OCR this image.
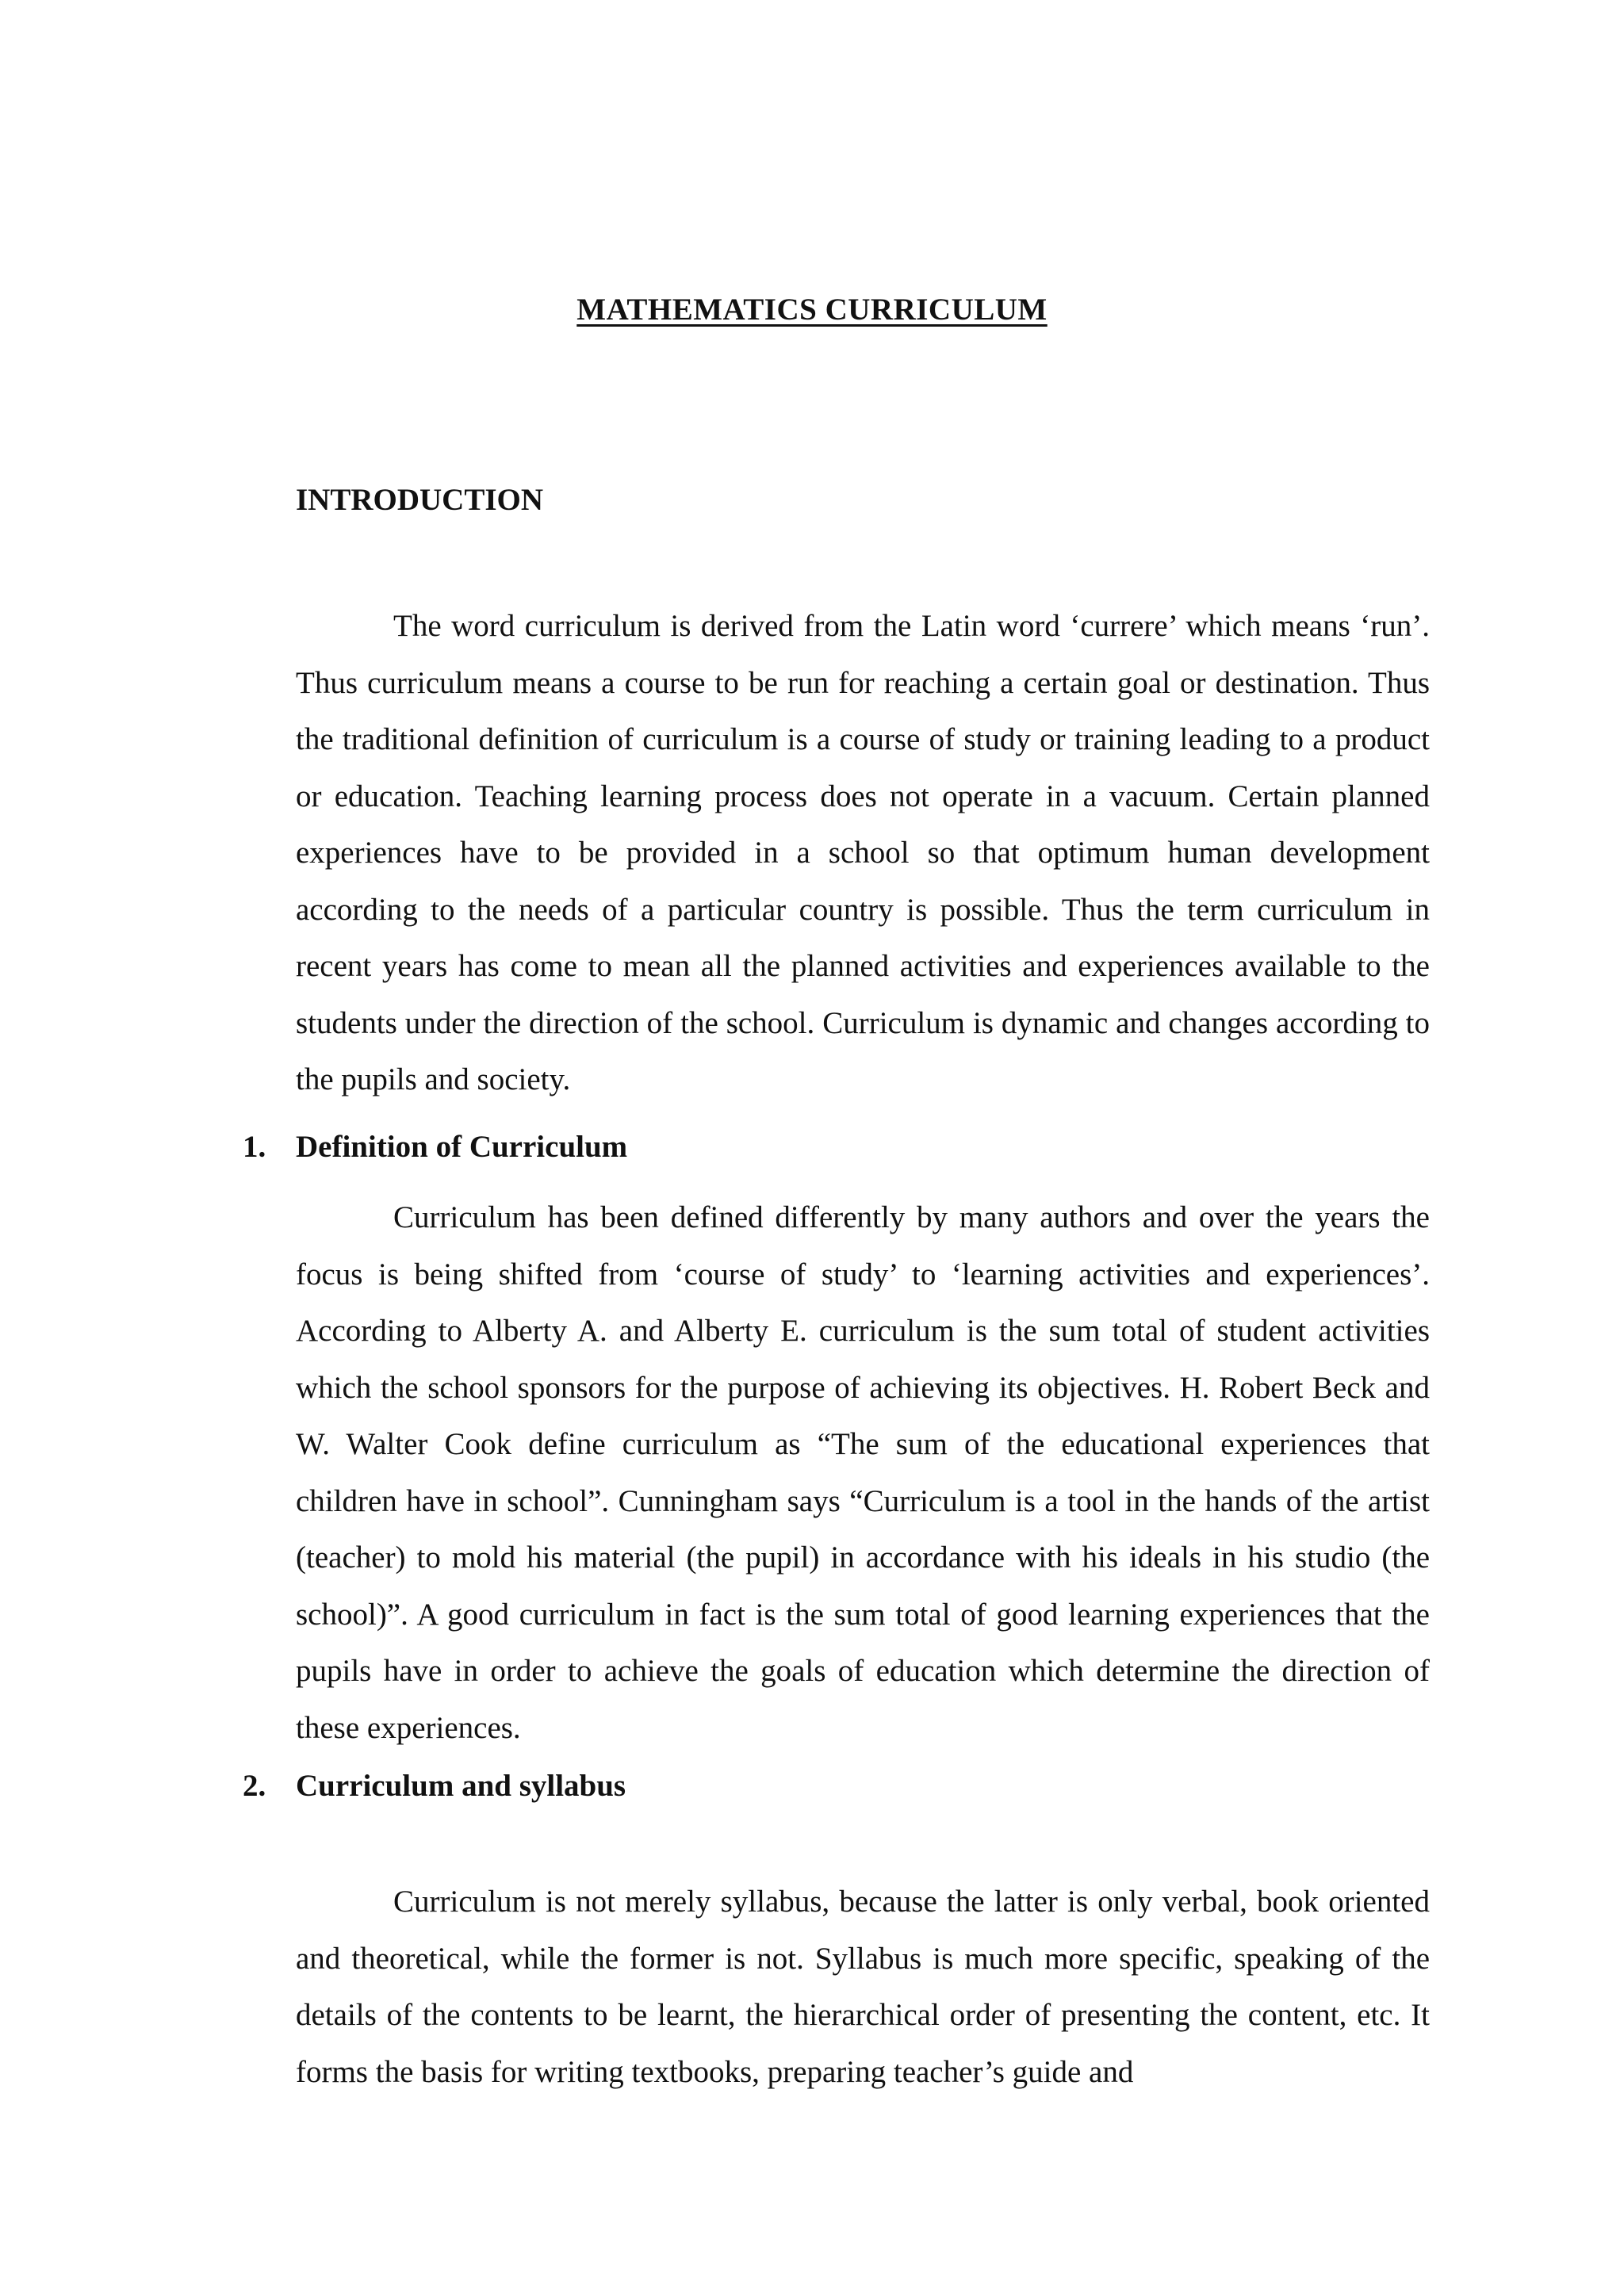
MATHEMATICS CURRICULUM
INTRODUCTION

The word curriculum is derived from the Latin word ‘currere’ which means ‘run’. Thus curriculum means a course to be run for reaching a certain goal or destination. Thus the traditional definition of curriculum is a course of study or training leading to a product or education. Teaching learning process does not operate in a vacuum. Certain planned experiences have to be provided in a school so that optimum human development according to the needs of a particular country is possible. Thus the term curriculum in recent years has come to mean all the planned activities and experiences available to the students under the direction of the school. Curriculum is dynamic and changes according to the pupils and society.

1. Definition of Curriculum

Curriculum has been defined differently by many authors and over the years the focus is being shifted from ‘course of study’ to ‘learning activities and experiences’. According to Alberty A. and Alberty E. curriculum is the sum total of student activities which the school sponsors for the purpose of achieving its objectives. H. Robert Beck and W. Walter Cook define curriculum as “The sum of the educational experiences that children have in school”. Cunningham says “Curriculum is a tool in the hands of the artist (teacher) to mold his material (the pupil) in accordance with his ideals in his studio (the school)”. A good curriculum in fact is the sum total of good learning experiences that the pupils have in order to achieve the goals of education which determine the direction of these experiences.

2. Curriculum and syllabus

Curriculum is not merely syllabus, because the latter is only verbal, book oriented and theoretical, while the former is not. Syllabus is much more specific, speaking of the details of the contents to be learnt, the hierarchical order of presenting the content, etc. It forms the basis for writing textbooks, preparing teacher’s guide and
